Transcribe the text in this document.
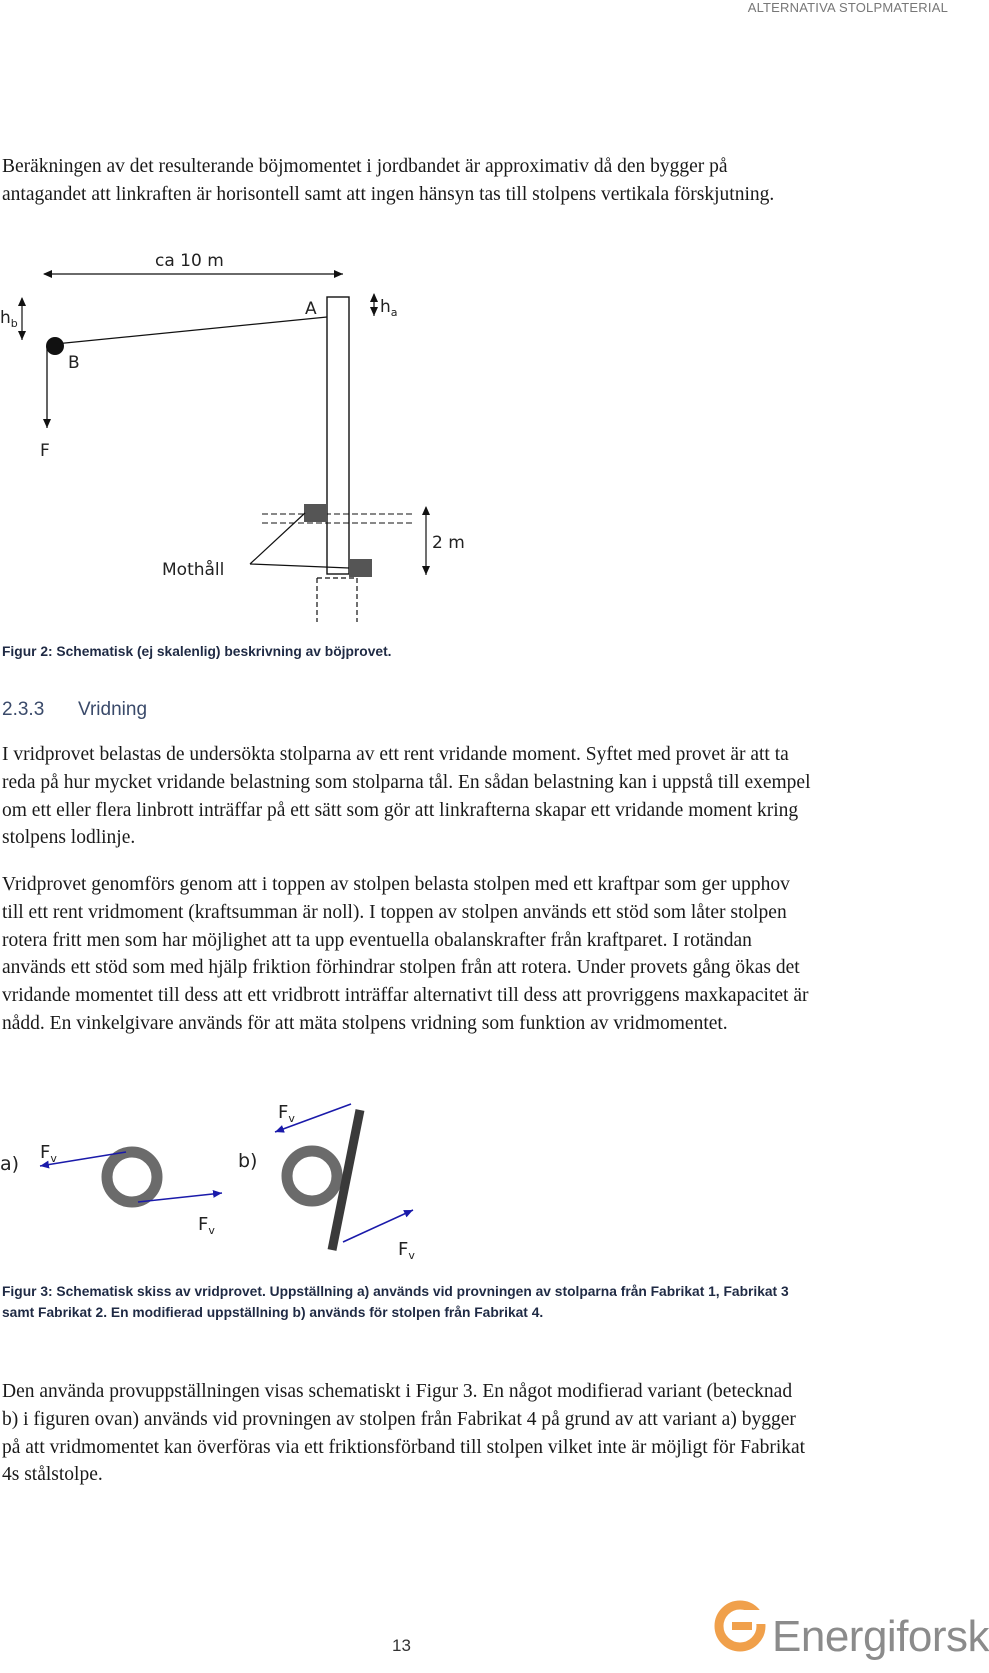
ALTERNATIVA STOLPMATERIAL

Beräkningen av det resulterande böjmomentet i jordbandet är approximativ då den bygger på antagandet att linkraften är horisontell samt att ingen hänsyn tas till stolpens vertikala förskjutning.

ca 10 m
$h_b$
$h_a$
B
A
F
Mothåll
2 m

Figur 2: Schematisk (ej skalenlig) beskrivning av böjprovet.

2.3.3 Vridning

I vridprovet belastas de undersökta stolparna av ett rent vridande moment. Syftet med provet är att ta reda på hur mycket vridande belastning som stolparna tål. En sådan belastning kan i uppstå till exempel om ett eller flera linbrott inträffar på ett sätt som gör att linkrafterna skapar ett vridande moment kring stolpens lodlinje.

Vridprovet genomförs genom att i toppen av stolpen belasta stolpen med ett kraftpar som ger upphov till ett rent vridmoment (kraftsumman är noll). I toppen av stolpen används ett stöd som låter stolpen rotera fritt men som har möjlighet att ta upp eventuella obalanskrafter från kraftparet. I rotändan används ett stöd som med hjälp friktion förhindrar stolpen från att rotera. Under provets gång ökas det vridande momentet till dess att ett vridbrott inträffar alternativt till dess att provriggens maxkapacitet är nådd. En vinkelgivare används för att mäta stolpens vridning som funktion av vridmomentet.

a)
$F_v$
$F_v$
b)
$F_v$
$F_v$

Figur 3: Schematisk skiss av vridprovet. Uppställning a) används vid provningen av stolparna från Fabrikat 1, Fabrikat 3 samt Fabrikat 2. En modifierad uppställning b) används för stolpen från Fabrikat 4.

Den använda provuppställningen visas schematiskt i Figur 3. En något modifierad variant (betecknad b) i figuren ovan) används vid provningen av stolpen från Fabrikat 4 på grund av att variant a) bygger på att vridmomentet kan överföras via ett friktionsförband till stolpen vilket inte är möjligt för Fabrikat 4s stålstolpe.

13	Energiforsk
